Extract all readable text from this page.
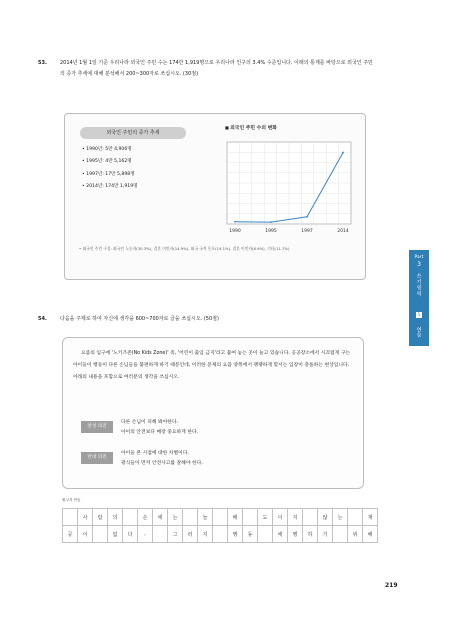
53.	2014년 1월 1일 기준 우리나라 외국인 주민 수는 174만 1,919명으로 우리나라 인구의 3.4% 수준입니다. 이래의 통계를 바탕으로 외국인 주민의 증가 추세에 대해 분석해서 200~300자로 쓰십시오. (30점)
외국인 주민의 증가 추세
• 1990년: 5만 4,906명
• 1995년: 4만 5,162명
• 1997년: 17만 5,898명
• 2014년: 174만 1,919명
■ 외국인 주민 수의 변화
1990	1995	1997	2014
• 외국인 주민 구성: 외국인 노동자(30.3%), 결혼 이민자(14.9%), 외국 국적 동포(19.1%), 결혼 이민자(8.9%), 기타(11.7%)
54.	다음을 주제로 하여 자신에 생각을 600~700자로 글을 쓰십시오. (50점)

요즘의 입구에 '노키즈존(No Kids Zone)' 즉, '어린이 출입 금지'라고 붙여 놓는 곳이 늘고 있습니다. 공공장소에서 시끄럽게 구는 아이들이 행동이 다른 손님들을 불편하게 하기 때문인데, 이러한 문제의 요즘 양쪽에서 팽팽하게 맞서는 입장이 충돌하는 현상입니다. 아래의 내용을 포함으로 여러분의 생각을 쓰십시오.

찬성 의견
다른 손님이 피해 봐야한다.
아이의 안전보다 매장 중요하게 한다.
반대 의견
아이들 본 시점에 대한 차별이다.
광식들이 먼저 안전사고를 잘해야 한다.
원고지 연습
	사	람	의		손	에	는		늘		배		도	이	지		않	는		재
공	이		없	다	,		그	러	지		행	동		에	행	하	기		위	해
Part
3
쓰기영역
1
연습
219
